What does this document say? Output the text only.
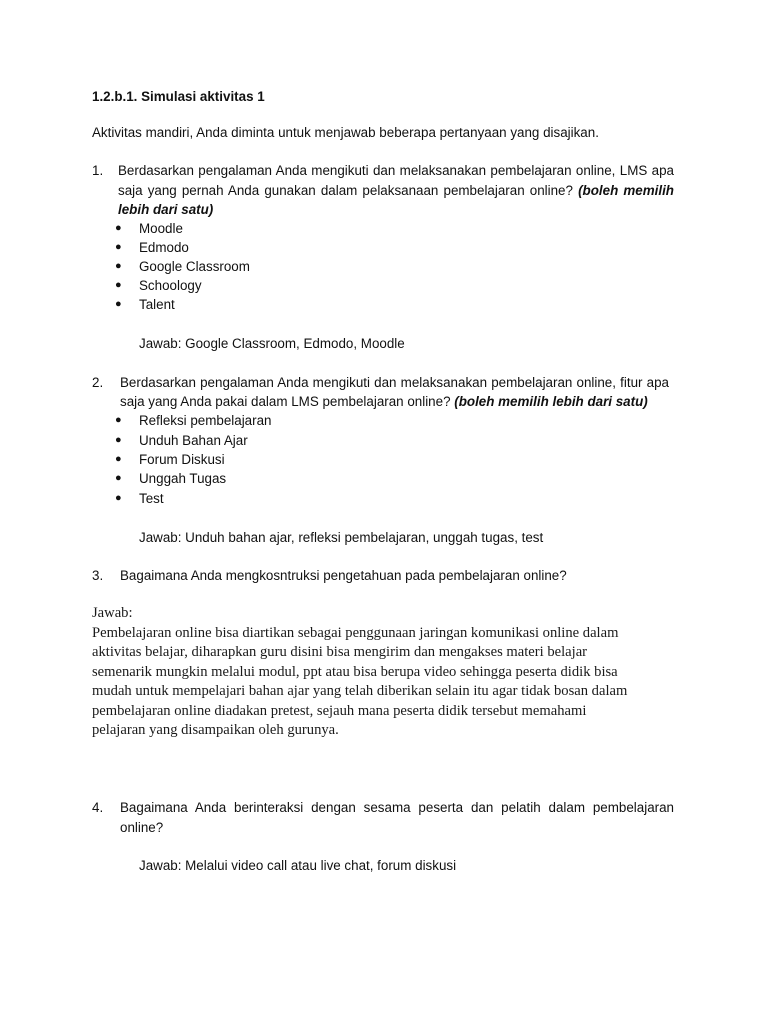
1.2.b.1. Simulasi aktivitas 1
Aktivitas mandiri, Anda diminta untuk menjawab beberapa pertanyaan yang disajikan.
1. Berdasarkan pengalaman Anda mengikuti dan melaksanakan pembelajaran online, LMS apa
saja yang pernah Anda gunakan dalam pelaksanaan pembelajaran online? (boleh memilih
lebih dari satu)
● Moodle
● Edmodo
● Google Classroom
● Schoology
● Talent
Jawab: Google Classroom, Edmodo, Moodle
2. Berdasarkan pengalaman Anda mengikuti dan melaksanakan pembelajaran online, fitur apa
saja yang Anda pakai dalam LMS pembelajaran online? (boleh memilih lebih dari satu)
● Refleksi pembelajaran
● Unduh Bahan Ajar
● Forum Diskusi
● Unggah Tugas
● Test
Jawab: Unduh bahan ajar, refleksi pembelajaran, unggah tugas, test
3. Bagaimana Anda mengkosntruksi pengetahuan pada pembelajaran online?
Jawab:
Pembelajaran online bisa diartikan sebagai penggunaan jaringan komunikasi online dalam
aktivitas belajar, diharapkan guru disini bisa mengirim dan mengakses materi belajar
semenarik mungkin melalui modul, ppt atau bisa berupa video sehingga peserta didik bisa
mudah untuk mempelajari bahan ajar yang telah diberikan selain itu agar tidak bosan dalam
pembelajaran online diadakan pretest, sejauh mana peserta didik tersebut memahami
pelajaran yang disampaikan oleh gurunya.
4. Bagaimana Anda berinteraksi dengan sesama peserta dan pelatih dalam pembelajaran
online?
Jawab: Melalui video call atau live chat, forum diskusi
